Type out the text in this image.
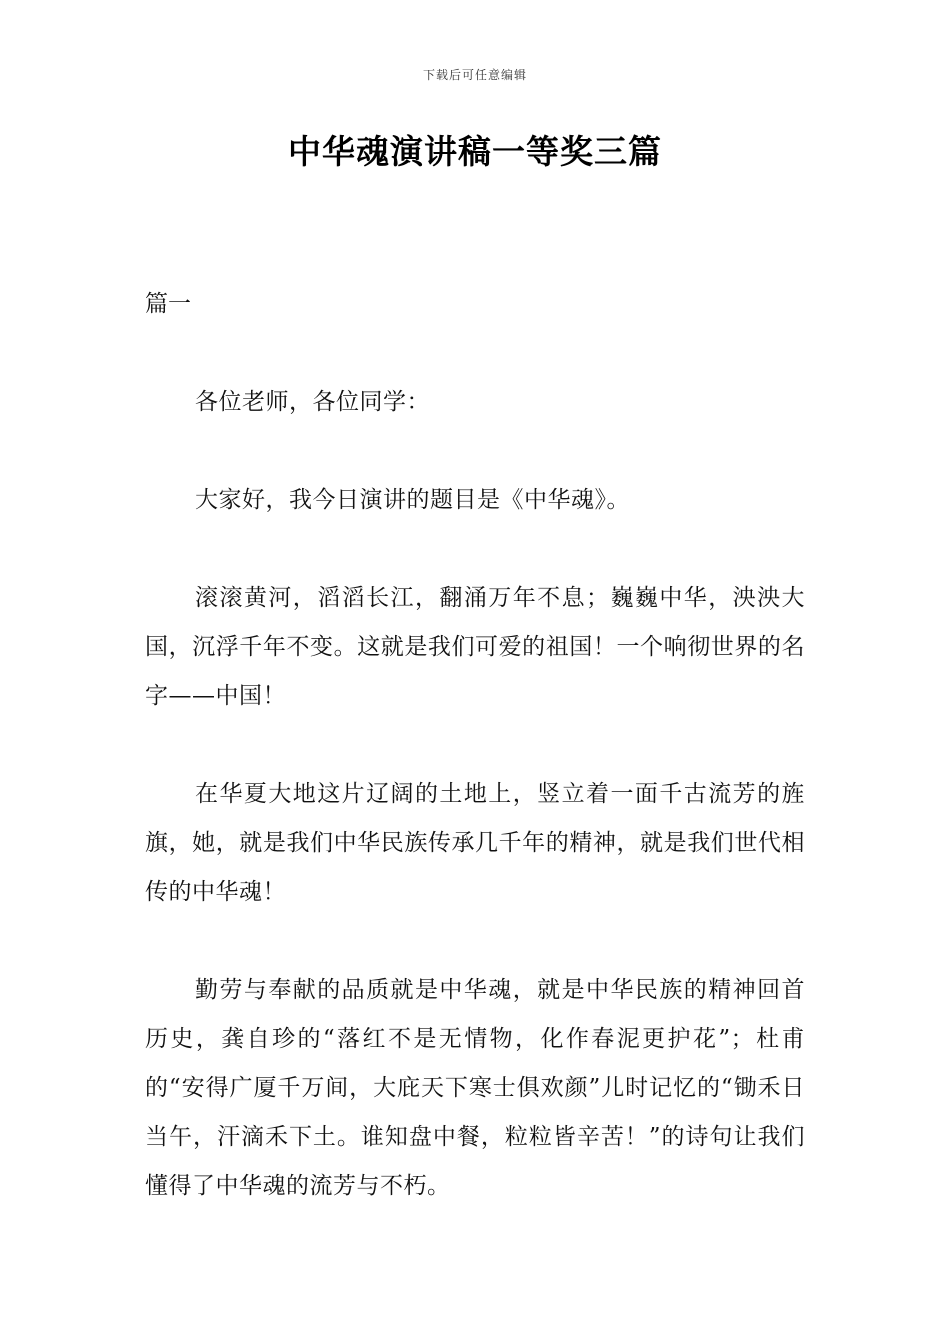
下载后可任意编辑
中华魂演讲稿一等奖三篇
篇一

各位老师，各位同学：

大家好，我今日演讲的题目是《中华魂》。

滚滚黄河，滔滔长江，翻涌万年不息；巍巍中华，泱泱大国，沉浮千年不变。这就是我们可爱的祖国！一个响彻世界的名字——中国！

在华夏大地这片辽阔的土地上，竖立着一面千古流芳的旌旗，她，就是我们中华民族传承几千年的精神，就是我们世代相传的中华魂！

勤劳与奉献的品质就是中华魂，就是中华民族的精神回首历史，龚自珍的“落红不是无情物，化作春泥更护花”；杜甫的“安得广厦千万间，大庇天下寒士俱欢颜”儿时记忆的“锄禾日当午，汗滴禾下土。谁知盘中餐，粒粒皆辛苦！”的诗句让我们懂得了中华魂的流芳与不朽。
